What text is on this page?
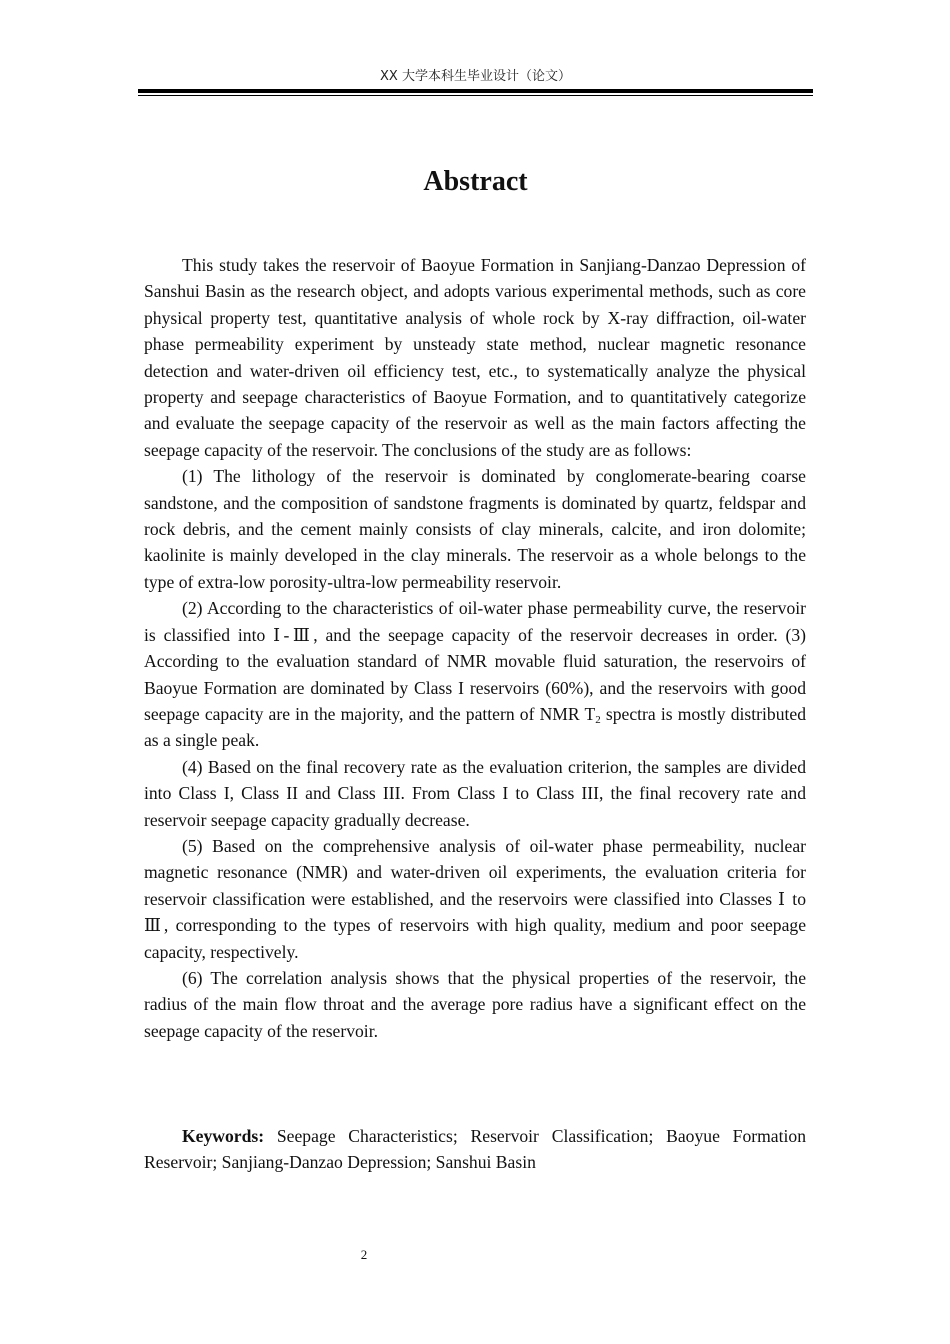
XX 大学本科生毕业设计（论文）
Abstract

This study takes the reservoir of Baoyue Formation in Sanjiang-Danzao Depression of Sanshui Basin as the research object, and adopts various experimental methods, such as core physical property test, quantitative analysis of whole rock by X-ray diffraction, oil-water phase permeability experiment by unsteady state method, nuclear magnetic resonance detection and water-driven oil efficiency test, etc., to systematically analyze the physical property and seepage characteristics of Baoyue Formation, and to quantitatively categorize and evaluate the seepage capacity of the reservoir as well as the main factors affecting the seepage capacity of the reservoir. The conclusions of the study are as follows:

(1) The lithology of the reservoir is dominated by conglomerate-bearing coarse sandstone, and the composition of sandstone fragments is dominated by quartz, feldspar and rock debris, and the cement mainly consists of clay minerals, calcite, and iron dolomite; kaolinite is mainly developed in the clay minerals. The reservoir as a whole belongs to the type of extra-low porosity-ultra-low permeability reservoir.

(2) According to the characteristics of oil-water phase permeability curve, the reservoir is classified into Ⅰ-Ⅲ, and the seepage capacity of the reservoir decreases in order. (3) According to the evaluation standard of NMR movable fluid saturation, the reservoirs of Baoyue Formation are dominated by Class I reservoirs (60%), and the reservoirs with good seepage capacity are in the majority, and the pattern of NMR $T_2$ spectra is mostly distributed as a single peak.

(4) Based on the final recovery rate as the evaluation criterion, the samples are divided into Class I, Class II and Class III. From Class I to Class III, the final recovery rate and reservoir seepage capacity gradually decrease.

(5) Based on the comprehensive analysis of oil-water phase permeability, nuclear magnetic resonance (NMR) and water-driven oil experiments, the evaluation criteria for reservoir classification were established, and the reservoirs were classified into Classes Ⅰ to Ⅲ, corresponding to the types of reservoirs with high quality, medium and poor seepage capacity, respectively.

(6) The correlation analysis shows that the physical properties of the reservoir, the radius of the main flow throat and the average pore radius have a significant effect on the seepage capacity of the reservoir.

Keywords: Seepage Characteristics; Reservoir Classification; Baoyue Formation Reservoir; Sanjiang-Danzao Depression; Sanshui Basin
2
